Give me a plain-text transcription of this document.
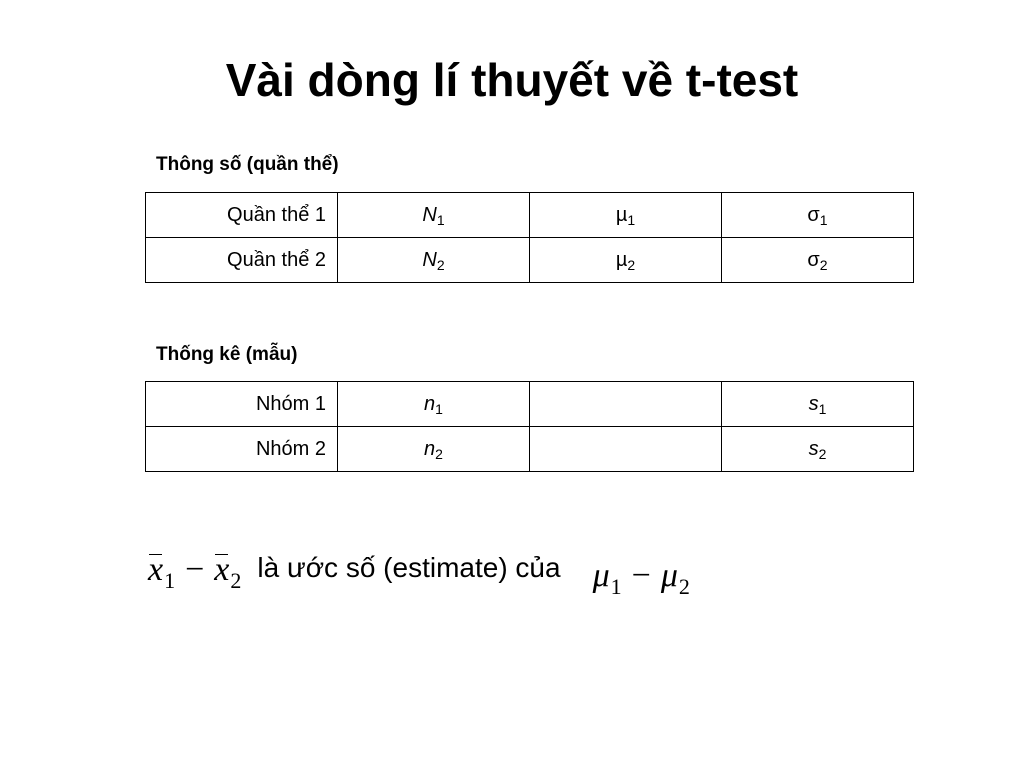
Vài dòng lí thuyết về t-test
Thông số (quần thể)
Quần thể 1	$N_1$	µ$_1$	$\sigma_1$
Quần thể 2	$N_2$	µ$_2$	$\sigma_2$
Thống kê (mẫu)
Nhóm 1	$n_1$		$s_1$
Nhóm 2	$n_2$		$s_2$
x 1 − x 2 là ước số (estimate) của μ 1 − μ 2
